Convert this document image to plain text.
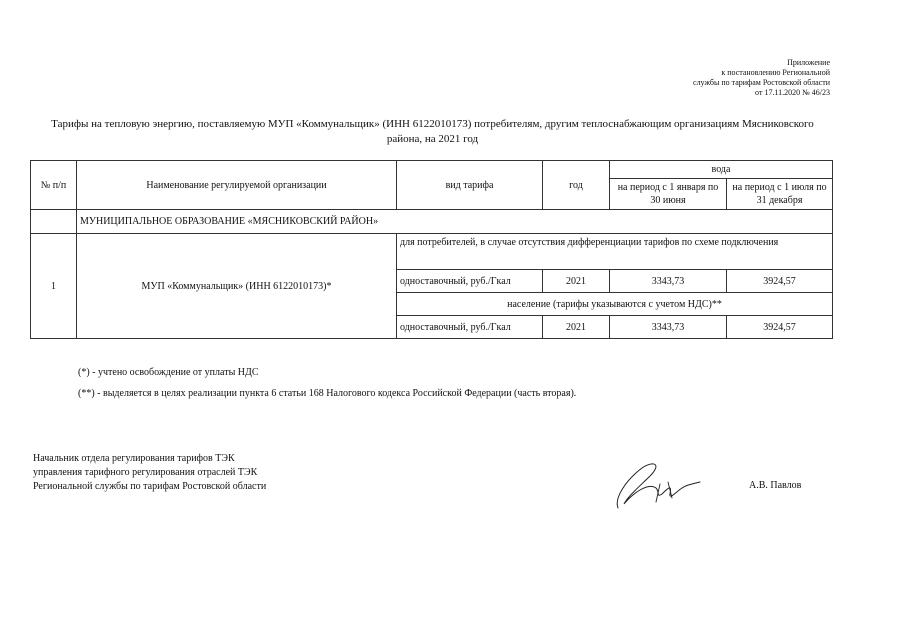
Приложение
к постановлению Региональной
службы по тарифам Ростовской области
от 17.11.2020 № 46/23
Тарифы на тепловую энергию, поставляемую МУП «Коммунальщик» (ИНН 6122010173) потребителям, другим теплоснабжающим организациям Мясниковского
района, на 2021 год
№ п/п	Наименование регулируемой организации	вид тарифа	год	вода	
				на период с 1 января по 30 июня	на период с 1 июля по 31 декабря

	МУНИЦИПАЛЬНОЕ ОБРАЗОВАНИЕ «МЯСНИКОВСКИЙ РАЙОН»				
1	МУП «Коммунальщик» (ИНН 6122010173)*	для потребителей, в случае отсутствия дифференциации тарифов по схеме подключения			
		одноставочный, руб./Гкал	2021	3343,73	3924,57
		население (тарифы указываются с учетом НДС)**			
		одноставочный, руб./Гкал	2021	3343,73	3924,57
(*) - учтено освобождение от уплаты НДС
(**) - выделяется в целях реализации пункта 6 статьи 168 Налогового кодекса Российской Федерации (часть вторая).
Начальник отдела регулирования тарифов ТЭК
управления тарифного регулирования отраслей ТЭК
Региональной службы по тарифам Ростовской области	А.В. Павлов
